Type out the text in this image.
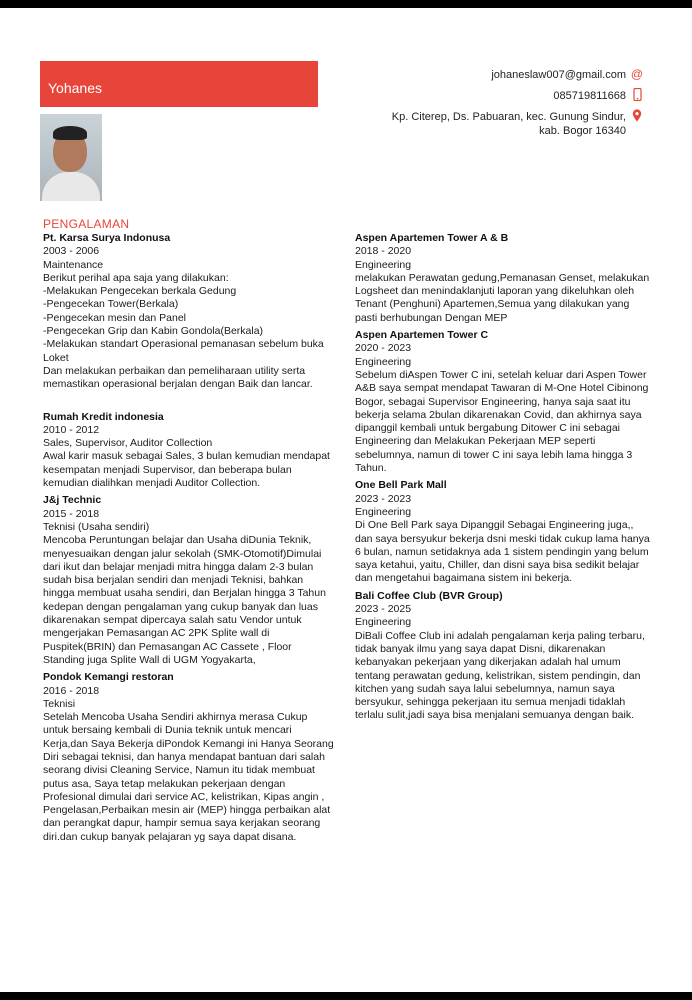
Yohanes
johaneslaw007@gmail.com @
085719811668
Kp. Citerep, Ds. Pabuaran, kec. Gunung Sindur,
kab. Bogor 16340
PENGALAMAN
Pt. Karsa Surya Indonusa

2003 - 2006

Maintenance

Berikut perihal apa saja yang dilakukan:

-Melakukan Pengecekan berkala Gedung

-Pengecekan Tower(Berkala)

-Pengecekan mesin dan Panel

-Pengecekan Grip dan Kabin Gondola(Berkala)

-Melakukan standart Operasional pemanasan sebelum buka Loket

Dan melakukan perbaikan dan pemeliharaan utility serta memastikan operasional berjalan dengan Baik dan lancar.

Rumah Kredit indonesia

2010 - 2012

Sales, Supervisor, Auditor Collection

Awal karir masuk sebagai Sales, 3 bulan kemudian mendapat kesempatan menjadi Supervisor, dan beberapa bulan kemudian dialihkan menjadi Auditor Collection.

J&j Technic

2015 - 2018

Teknisi (Usaha sendiri)

Mencoba Peruntungan belajar dan Usaha diDunia Teknik, menyesuaikan dengan jalur sekolah (SMK-Otomotif)Dimulai dari ikut dan belajar menjadi mitra hingga dalam 2-3 bulan sudah bisa berjalan sendiri dan menjadi Teknisi, bahkan hingga membuat usaha sendiri, dan Berjalan hingga 3 Tahun kedepan dengan pengalaman yang cukup banyak dan luas dikarenakan sempat dipercaya salah satu Vendor untuk mengerjakan Pemasangan AC 2PK Splite wall di Puspitek(BRIN) dan Pemasangan AC Cassete , Floor Standing juga Splite Wall di UGM Yogyakarta,

Pondok Kemangi restoran

2016 - 2018

Teknisi

Setelah Mencoba Usaha Sendiri akhirnya merasa Cukup untuk bersaing kembali di Dunia teknik untuk mencari Kerja,dan Saya Bekerja diPondok Kemangi ini Hanya Seorang Diri sebagai teknisi, dan hanya mendapat bantuan dari salah seorang divisi Cleaning Service, Namun itu tidak membuat putus asa, Saya tetap melakukan pekerjaan dengan Profesional dimulai dari service AC, kelistrikan, Kipas angin , Pengelasan,Perbaikan mesin air (MEP) hingga perbaikan alat dan perangkat dapur, hampir semua saya kerjakan seorang diri.dan cukup banyak pelajaran yg saya dapat disana.

Aspen Apartemen Tower A & B

2018 - 2020

Engineering

melakukan Perawatan gedung,Pemanasan Genset, melakukan Logsheet dan menindaklanjuti laporan yang dikeluhkan oleh Tenant (Penghuni) Apartemen,Semua yang dilakukan yang pasti berhubungan Dengan MEP

Aspen Apartemen Tower C

2020 - 2023

Engineering

Sebelum diAspen Tower C ini, setelah keluar dari Aspen Tower A&B saya sempat mendapat Tawaran di M-One Hotel Cibinong Bogor, sebagai Supervisor Engineering, hanya saja saat itu bekerja selama 2bulan dikarenakan Covid, dan akhirnya saya dipanggil kembali untuk bergabung Ditower C ini sebagai Engineering dan Melakukan Pekerjaan MEP seperti sebelumnya, namun di tower C ini saya lebih lama hingga 3 Tahun.

One Bell Park Mall

2023 - 2023

Engineering

Di One Bell Park saya Dipanggil Sebagai Engineering juga,, dan saya bersyukur bekerja dsni meski tidak cukup lama hanya 6 bulan, namun setidaknya ada 1 sistem pendingin yang belum saya ketahui, yaitu, Chiller, dan disni saya bisa sedikit belajar dan mengetahui bagaimana sistem ini bekerja.

Bali Coffee Club (BVR Group)

2023 - 2025

Engineering

DiBali Coffee Club ini adalah pengalaman kerja paling terbaru, tidak banyak ilmu yang saya dapat Disni, dikarenakan kebanyakan pekerjaan yang dikerjakan adalah hal umum tentang perawatan gedung, kelistrikan, sistem pendingin, dan kitchen yang sudah saya lalui sebelumnya, namun saya bersyukur, sehingga pekerjaan itu semua menjadi tidaklah terlalu sulit,jadi saya bisa menjalani semuanya dengan baik.
